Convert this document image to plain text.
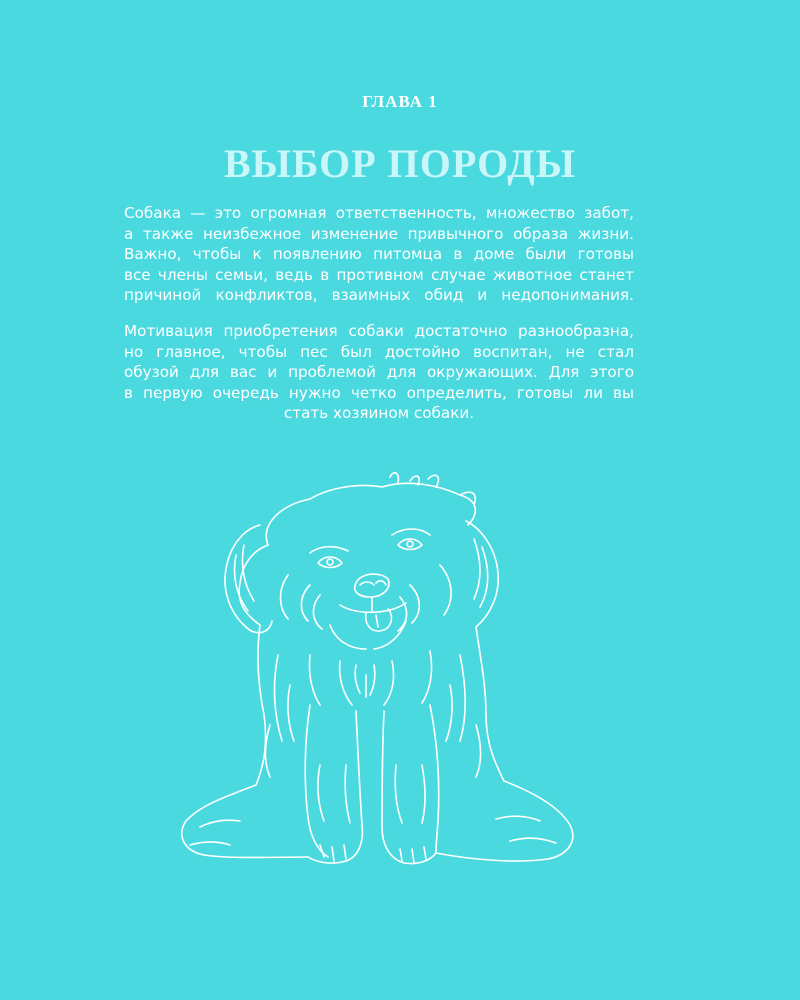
ГЛАВА 1
ВЫБОР ПОРОДЫ
Собака — это огромная ответственность, множество забот,
а также неизбежное изменение привычного образа жизни.
Важно, чтобы к появлению питомца в доме были готовы
все члены семьи, ведь в противном случае животное станет
причиной конфликтов, взаимных обид и недопонимания.
Мотивация приобретения собаки достаточно разнообразна,
но главное, чтобы пес был достойно воспитан, не стал
обузой для вас и проблемой для окружающих. Для этого
в первую очередь нужно четко определить, готовы ли вы
стать хозяином собаки.
